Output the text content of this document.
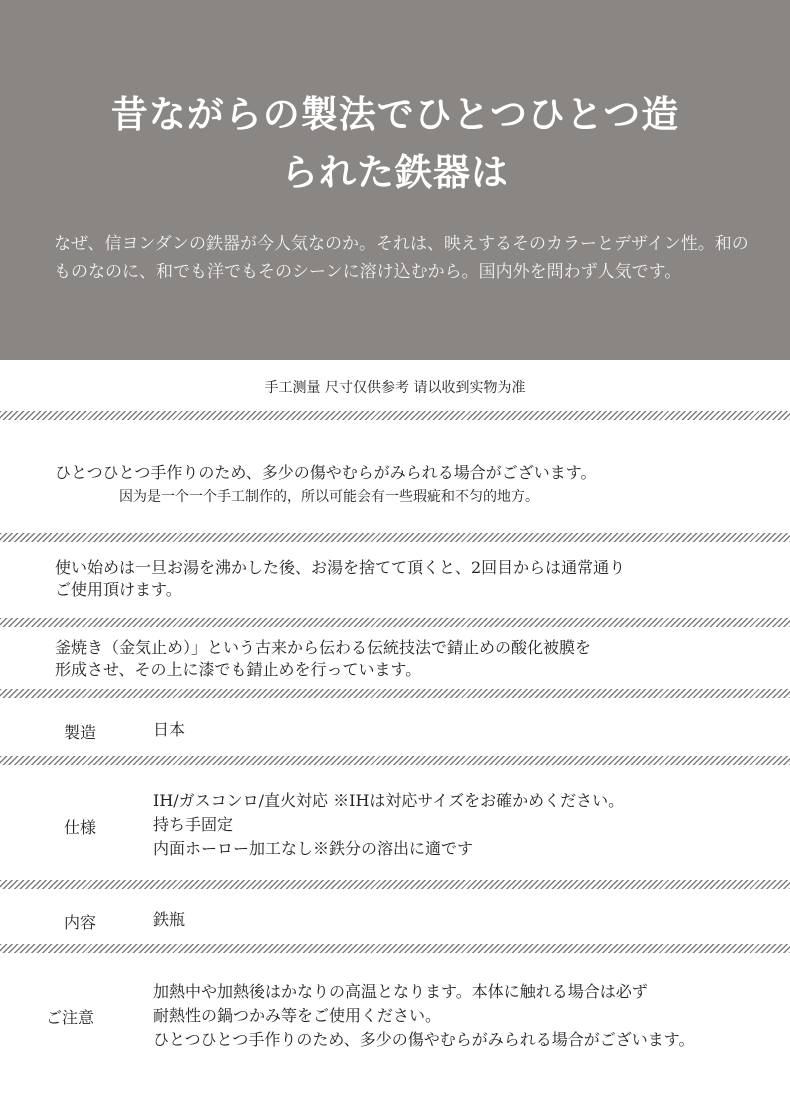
昔ながらの製法でひとつひとつ造
られた鉄器は
なぜ、信ヨンダンの鉄器が今人気なのか。それは、映えするそのカラーとデザイン性。和のものなのに、和でも洋でもそのシーンに溶け込むから。国内外を問わず人気です。
手工测量 尺寸仅供参考 请以收到实物为准
ひとつひとつ手作りのため、多少の傷やむらがみられる場合がございます。
因为是一个一个手工制作的，所以可能会有一些瑕疵和不匀的地方。
使い始めは一旦お湯を沸かした後、お湯を捨てて頂くと、2回目からは通常通り
ご使用頂けます。
釜焼き（金気止め）」という古来から伝わる伝統技法で錆止めの酸化被膜を
形成させ、その上に漆でも錆止めを行っています。
製造	日本
仕様
IH/ガスコンロ/直火対応 ※IHは対応サイズをお確かめください。
持ち手固定
内面ホーロー加工なし※鉄分の溶出に適です
内容	鉄瓶
ご注意
加熱中や加熱後はかなりの高温となります。本体に触れる場合は必ず
耐熱性の鍋つかみ等をご使用ください。
ひとつひとつ手作りのため、多少の傷やむらがみられる場合がございます。
